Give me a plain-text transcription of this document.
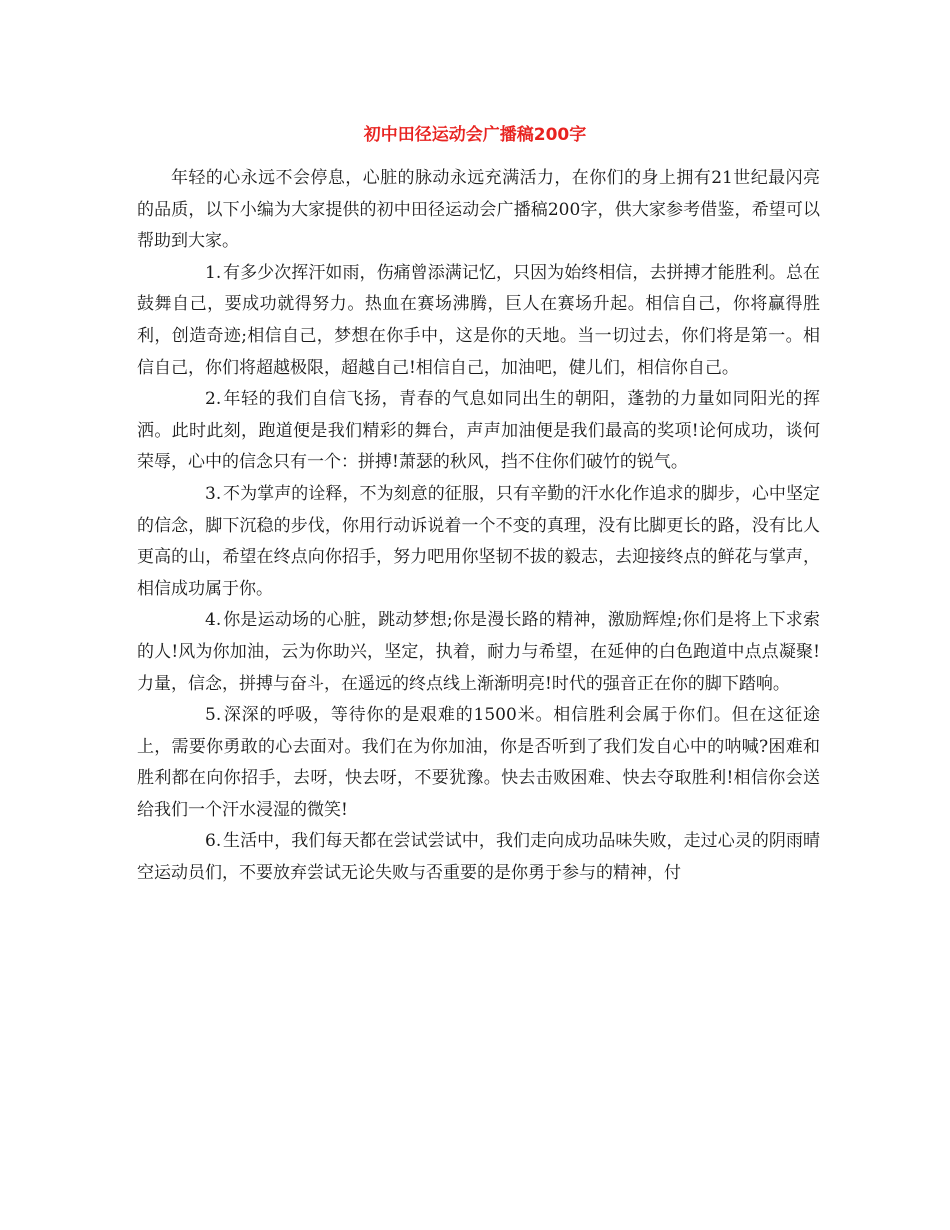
初中田径运动会广播稿200字

年轻的心永远不会停息，心脏的脉动永远充满活力，在你们的身上拥有21世纪最闪亮的品质，以下小编为大家提供的初中田径运动会广播稿200字，供大家参考借鉴，希望可以帮助到大家。

1. 有多少次挥汗如雨，伤痛曾添满记忆，只因为始终相信，去拼搏才能胜利。总在鼓舞自己，要成功就得努力。热血在赛场沸腾，巨人在赛场升起。相信自己，你将赢得胜利，创造奇迹;相信自己，梦想在你手中，这是你的天地。当一切过去，你们将是第一。相信自己，你们将超越极限，超越自己!相信自己，加油吧，健儿们，相信你自己。

2. 年轻的我们自信飞扬，青春的气息如同出生的朝阳，蓬勃的力量如同阳光的挥洒。此时此刻，跑道便是我们精彩的舞台，声声加油便是我们最高的奖项!论何成功，谈何荣辱，心中的信念只有一个：拼搏!萧瑟的秋风，挡不住你们破竹的锐气。

3. 不为掌声的诠释，不为刻意的征服，只有辛勤的汗水化作追求的脚步，心中坚定的信念，脚下沉稳的步伐，你用行动诉说着一个不变的真理，没有比脚更长的路，没有比人更高的山，希望在终点向你招手，努力吧用你坚韧不拔的毅志，去迎接终点的鲜花与掌声，相信成功属于你。

4. 你是运动场的心脏，跳动梦想;你是漫长路的精神，激励辉煌;你们是将上下求索的人!风为你加油，云为你助兴，坚定，执着，耐力与希望，在延伸的白色跑道中点点凝聚!力量，信念，拼搏与奋斗，在遥远的终点线上渐渐明亮!时代的强音正在你的脚下踏响。

5. 深深的呼吸，等待你的是艰难的1500米。相信胜利会属于你们。但在这征途上，需要你勇敢的心去面对。我们在为你加油，你是否听到了我们发自心中的呐喊?困难和胜利都在向你招手，去呀，快去呀，不要犹豫。快去击败困难、快去夺取胜利!相信你会送给我们一个汗水浸湿的微笑!

6. 生活中，我们每天都在尝试尝试中，我们走向成功品味失败，走过心灵的阴雨晴空运动员们，不要放弃尝试无论失败与否重要的是你勇于参与的精神，付
